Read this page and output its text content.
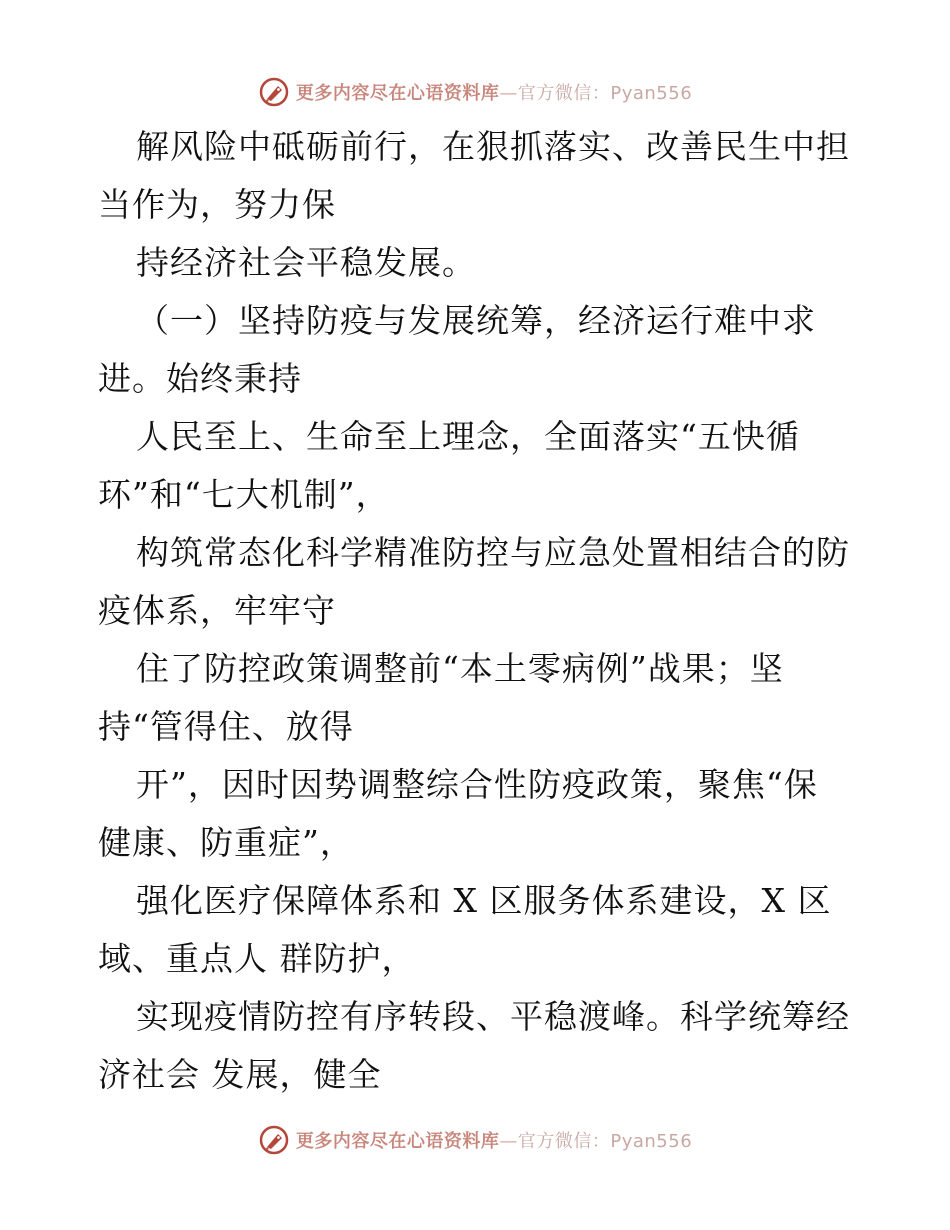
更多内容尽在心语资料库—官方微信：Pyan556

解风险中砥砺前行，在狠抓落实、改善民生中担
当作为，努力保

持经济社会平稳发展。

（一）坚持防疫与发展统筹，经济运行难中求
进。始终秉持

人民至上、生命至上理念，全面落实“五快循
环”和“七大机制”，

构筑常态化科学精准防控与应急处置相结合的防
疫体系，牢牢守

住了防控政策调整前“本土零病例”战果；坚
持“管得住、放得

开”，因时因势调整综合性防疫政策，聚焦“保
健康、防重症”，

强化医疗保障体系和 X 区服务体系建设，X 区
域、重点人 群防护，

实现疫情防控有序转段、平稳渡峰。科学统筹经
济社会 发展，健全

更多内容尽在心语资料库—官方微信：Pyan556
